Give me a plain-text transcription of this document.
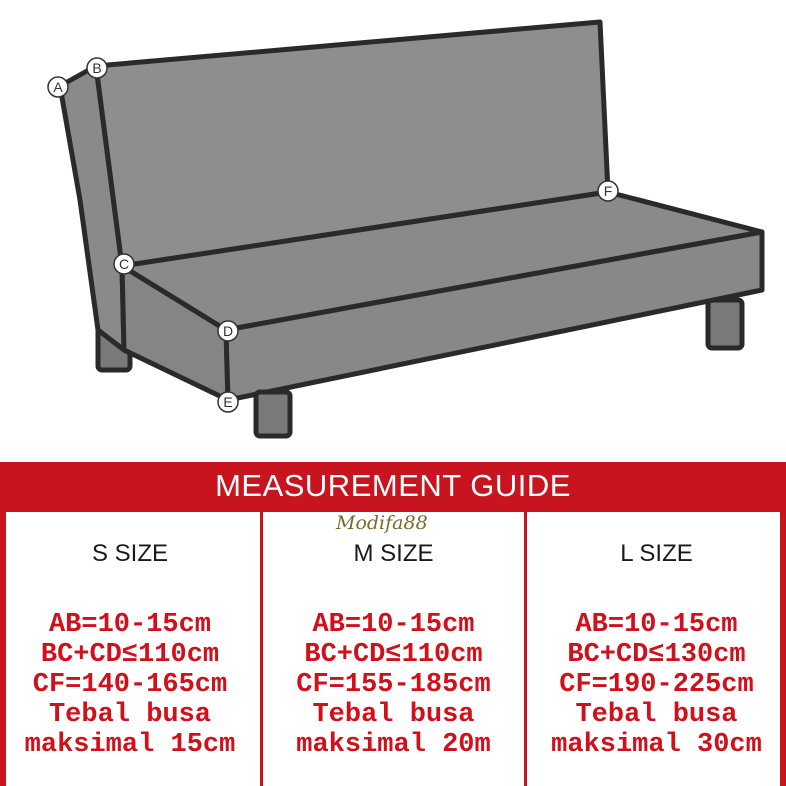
A
B
C
D
E
F
MEASUREMENT GUIDE
S SIZE
AB=10-15cm
BC+CD≤110cm
CF=140-165cm
Tebal busa
maksimal 15cm
M SIZE
AB=10-15cm
BC+CD≤110cm
CF=155-185cm
Tebal busa
maksimal 20m
L SIZE
AB=10-15cm
BC+CD≤130cm
CF=190-225cm
Tebal busa
maksimal 30cm
Modifa88
